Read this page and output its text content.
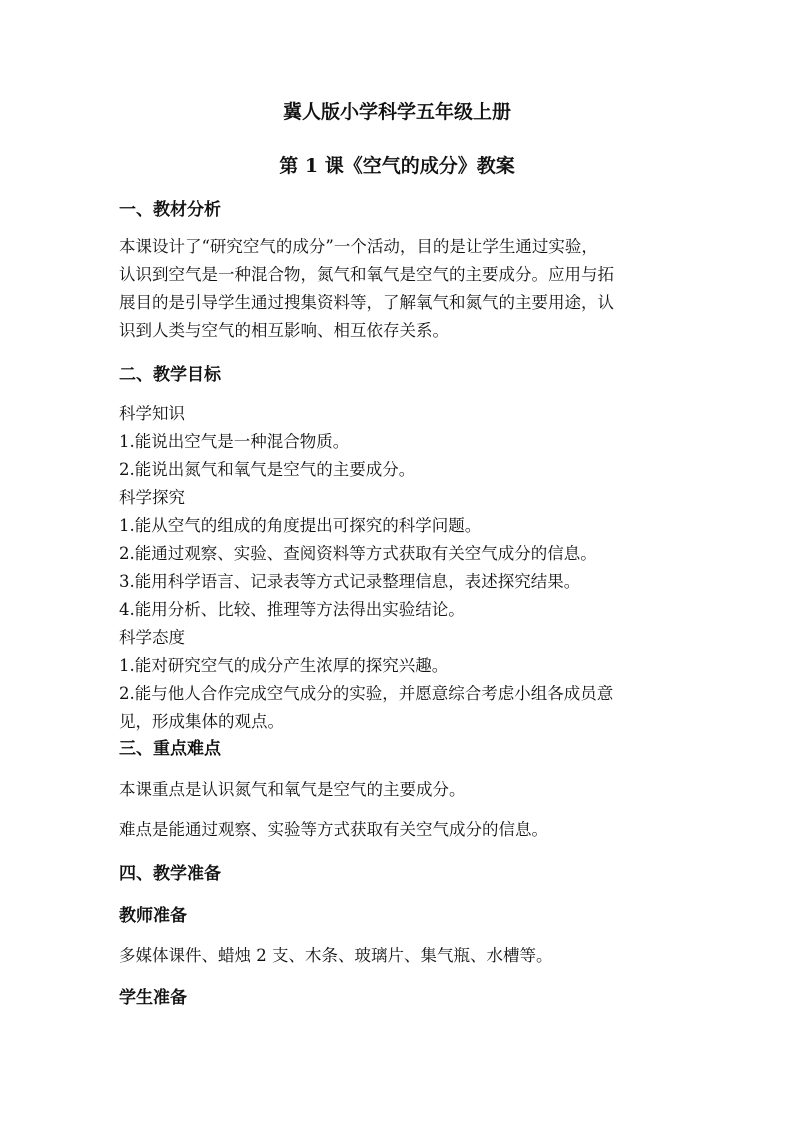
冀人版小学科学五年级上册

第 1 课《空气的成分》教案

一、教材分析

本课设计了“研究空气的成分”一个活动，目的是让学生通过实验，

认识到空气是一种混合物，氮气和氧气是空气的主要成分。应用与拓

展目的是引导学生通过搜集资料等，了解氧气和氮气的主要用途，认

识到人类与空气的相互影响、相互依存关系。

二、教学目标

科学知识

1.能说出空气是一种混合物质。

2.能说出氮气和氧气是空气的主要成分。

科学探究

1.能从空气的组成的角度提出可探究的科学问题。

2.能通过观察、实验、查阅资料等方式获取有关空气成分的信息。

3.能用科学语言、记录表等方式记录整理信息，表述探究结果。

4.能用分析、比较、推理等方法得出实验结论。

科学态度

1.能对研究空气的成分产生浓厚的探究兴趣。

2.能与他人合作完成空气成分的实验，并愿意综合考虑小组各成员意

见，形成集体的观点。

三、重点难点

本课重点是认识氮气和氧气是空气的主要成分。

难点是能通过观察、实验等方式获取有关空气成分的信息。

四、教学准备

教师准备

多媒体课件、蜡烛 2 支、木条、玻璃片、集气瓶、水槽等。

学生准备
